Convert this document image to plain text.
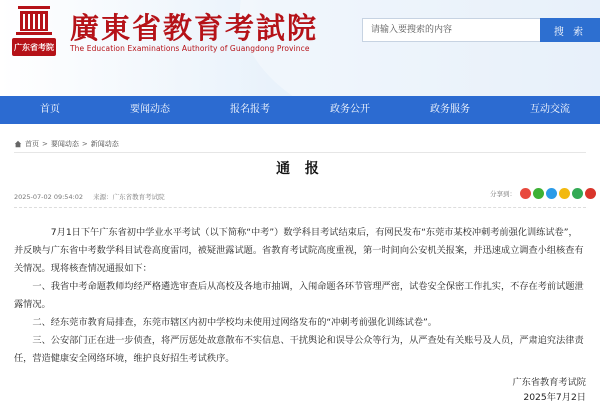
广东省考院
廣東省教育考試院
The Education Examinations Authority of Guangdong Province
请输入要搜索的内容
搜 索
首页	要闻动态	报名报考	政务公开	政务服务	互动交流
首页 > 要闻动态 > 新闻动态
通 报
2025-07-02 09:54:02 来源：广东省教育考试院	分享到：

7月1日下午广东省初中学业水平考试（以下简称“中考”）数学科目考试结束后，有网民发布“东莞市某校冲刺考前强化训练试卷”，并反映与广东省中考数学科目试卷高度雷同，被疑泄露试题。省教育考试院高度重视，第一时间向公安机关报案，并迅速成立调查小组核查有关情况。现将核查情况通报如下：

一、我省中考命题教师均经严格遴选审查后从高校及各地市抽调，入闱命题各环节管理严密，试卷安全保密工作扎实，不存在考前试题泄露情况。

二、经东莞市教育局排查，东莞市辖区内初中学校均未使用过网络发布的“冲刺考前强化训练试卷”。

三、公安部门正在进一步侦查，将严厉惩处故意散布不实信息、干扰舆论和误导公众等行为，从严查处有关账号及人员，严肃追究法律责任，营造健康安全网络环境，维护良好招生考试秩序。

广东省教育考试院
2025年7月2日
